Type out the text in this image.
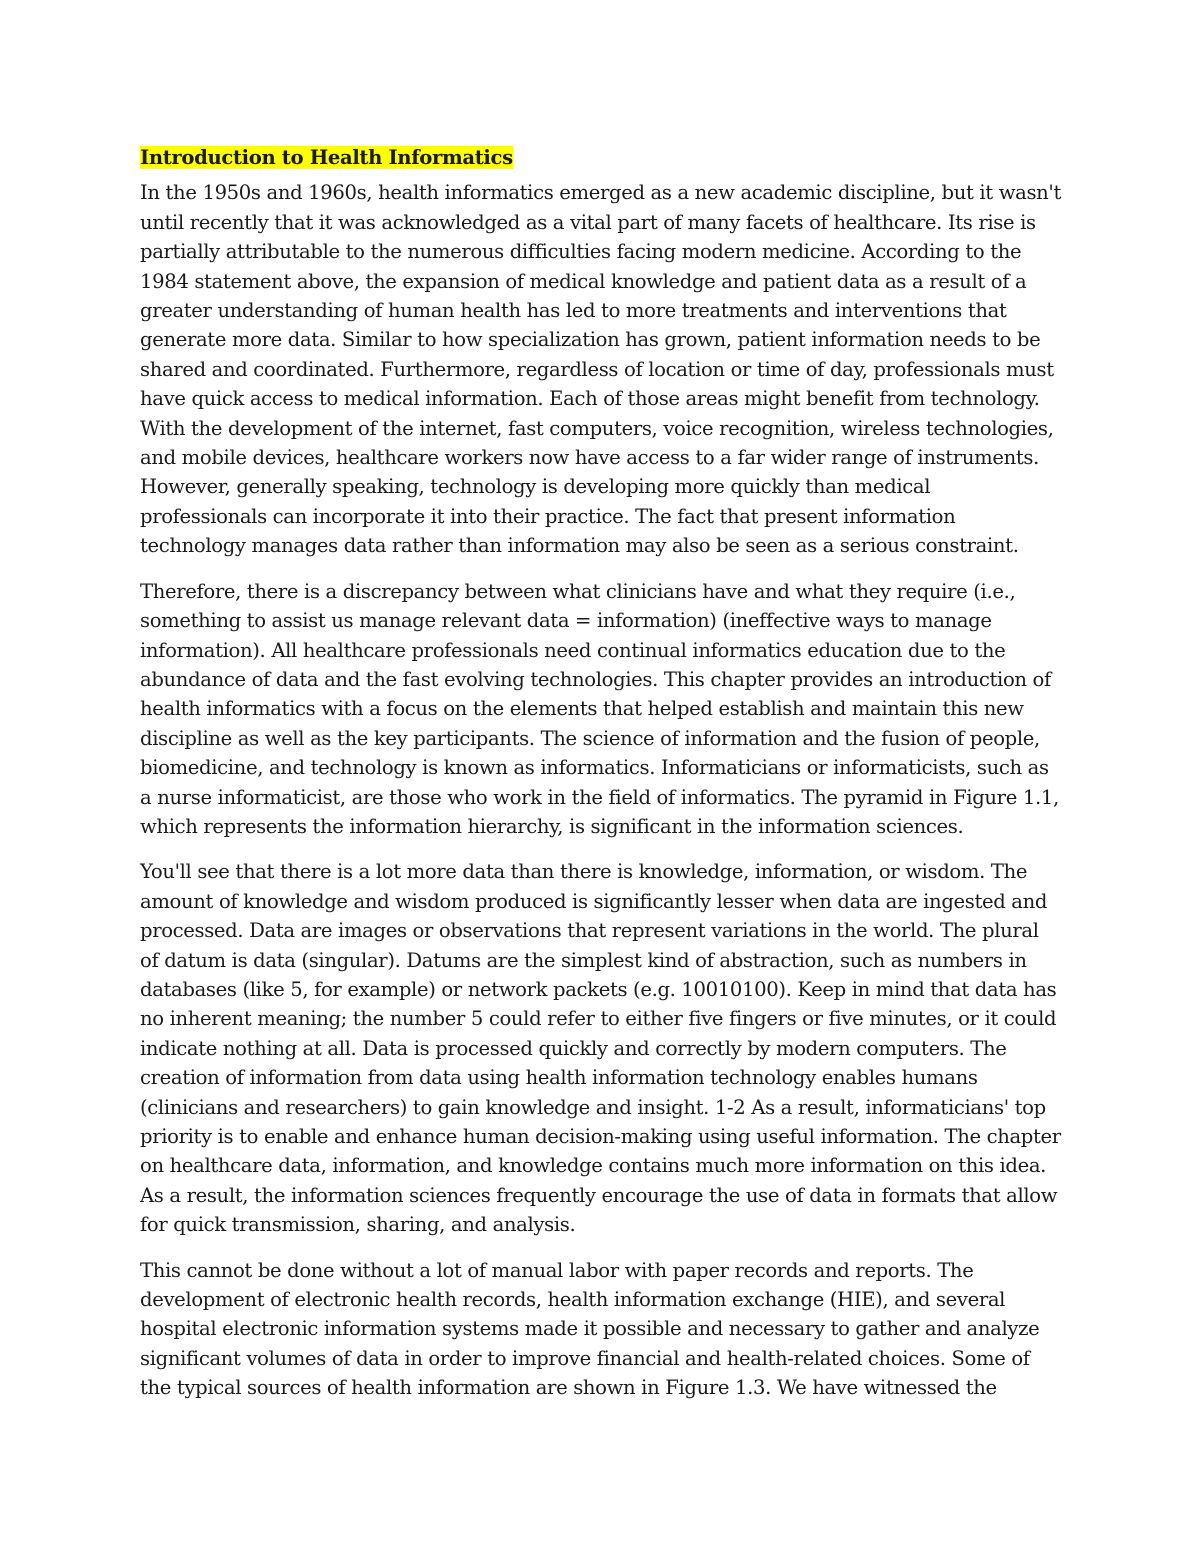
Introduction to Health Informatics

In the 1950s and 1960s, health informatics emerged as a new academic discipline, but it wasn't until recently that it was acknowledged as a vital part of many facets of healthcare. Its rise is partially attributable to the numerous difficulties facing modern medicine. According to the 1984 statement above, the expansion of medical knowledge and patient data as a result of a greater understanding of human health has led to more treatments and interventions that generate more data. Similar to how specialization has grown, patient information needs to be shared and coordinated. Furthermore, regardless of location or time of day, professionals must have quick access to medical information. Each of those areas might benefit from technology. With the development of the internet, fast computers, voice recognition, wireless technologies, and mobile devices, healthcare workers now have access to a far wider range of instruments. However, generally speaking, technology is developing more quickly than medical professionals can incorporate it into their practice. The fact that present information technology manages data rather than information may also be seen as a serious constraint.

Therefore, there is a discrepancy between what clinicians have and what they require (i.e., something to assist us manage relevant data = information) (ineffective ways to manage information). All healthcare professionals need continual informatics education due to the abundance of data and the fast evolving technologies. This chapter provides an introduction of health informatics with a focus on the elements that helped establish and maintain this new discipline as well as the key participants. The science of information and the fusion of people, biomedicine, and technology is known as informatics. Informaticians or informaticists, such as a nurse informaticist, are those who work in the field of informatics. The pyramid in Figure 1.1, which represents the information hierarchy, is significant in the information sciences.

You'll see that there is a lot more data than there is knowledge, information, or wisdom. The amount of knowledge and wisdom produced is significantly lesser when data are ingested and processed. Data are images or observations that represent variations in the world. The plural of datum is data (singular). Datums are the simplest kind of abstraction, such as numbers in databases (like 5, for example) or network packets (e.g. 10010100). Keep in mind that data has no inherent meaning; the number 5 could refer to either five fingers or five minutes, or it could indicate nothing at all. Data is processed quickly and correctly by modern computers. The creation of information from data using health information technology enables humans (clinicians and researchers) to gain knowledge and insight. 1-2 As a result, informaticians' top priority is to enable and enhance human decision-making using useful information. The chapter on healthcare data, information, and knowledge contains much more information on this idea. As a result, the information sciences frequently encourage the use of data in formats that allow for quick transmission, sharing, and analysis.

This cannot be done without a lot of manual labor with paper records and reports. The development of electronic health records, health information exchange (HIE), and several hospital electronic information systems made it possible and necessary to gather and analyze significant volumes of data in order to improve financial and health-related choices. Some of the typical sources of health information are shown in Figure 1.3. We have witnessed the
